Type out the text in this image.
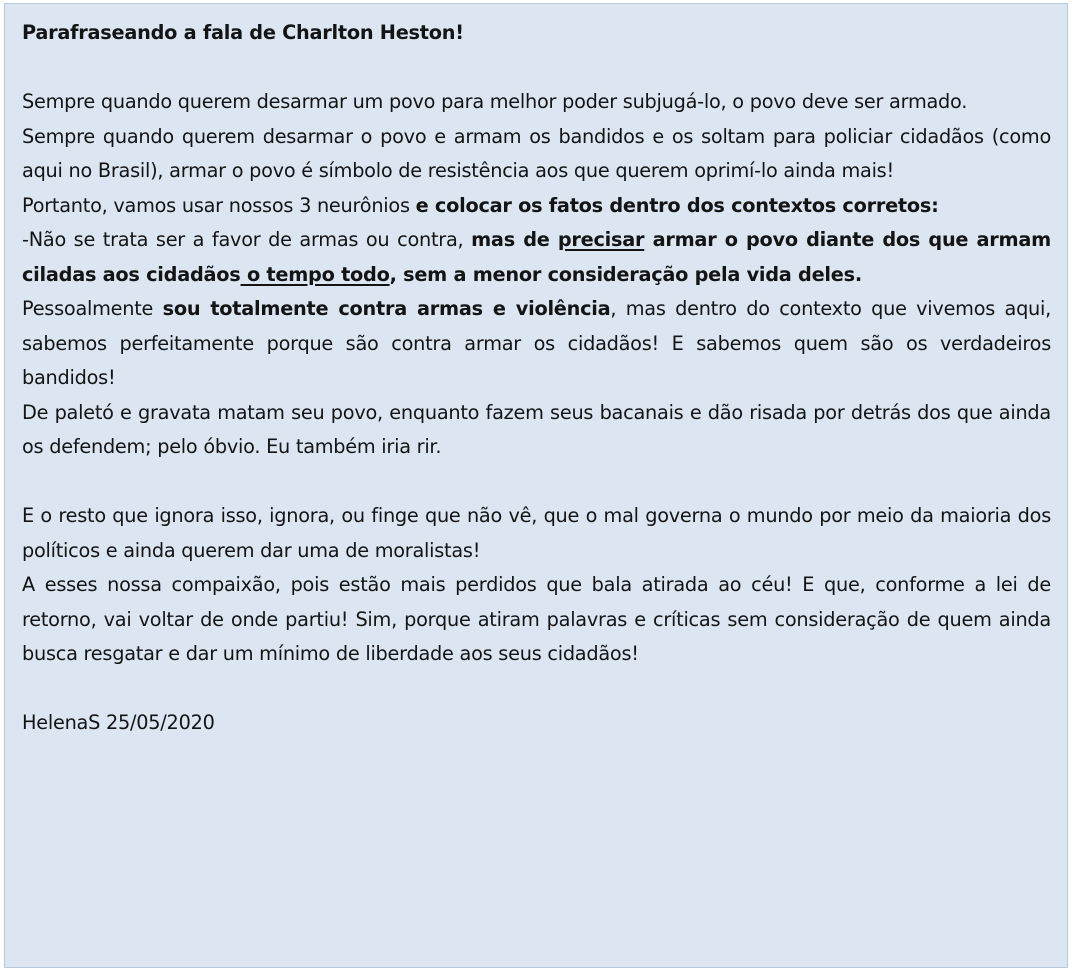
Parafraseando a fala de Charlton Heston!

Sempre quando querem desarmar um povo para melhor poder subjugá-lo, o povo deve ser armado.

Sempre quando querem desarmar o povo e armam os bandidos e os soltam para policiar cidadãos (como aqui no Brasil), armar o povo é símbolo de resistência aos que querem oprimí-lo ainda mais!

Portanto, vamos usar nossos 3 neurônios e colocar os fatos dentro dos contextos corretos:

-Não se trata ser a favor de armas ou contra, mas de precisar armar o povo diante dos que armam ciladas aos cidadãos o tempo todo, sem a menor consideração pela vida deles.

Pessoalmente sou totalmente contra armas e violência, mas dentro do contexto que vivemos aqui, sabemos perfeitamente porque são contra armar os cidadãos! E sabemos quem são os verdadeiros bandidos!

De paletó e gravata matam seu povo, enquanto fazem seus bacanais e dão risada por detrás dos que ainda os defendem; pelo óbvio. Eu também iria rir.

E o resto que ignora isso, ignora, ou finge que não vê, que o mal governa o mundo por meio da maioria dos políticos e ainda querem dar uma de moralistas!

A esses nossa compaixão, pois estão mais perdidos que bala atirada ao céu! E que, conforme a lei de retorno, vai voltar de onde partiu! Sim, porque atiram palavras e críticas sem consideração de quem ainda busca resgatar e dar um mínimo de liberdade aos seus cidadãos!

HelenaS 25/05/2020
